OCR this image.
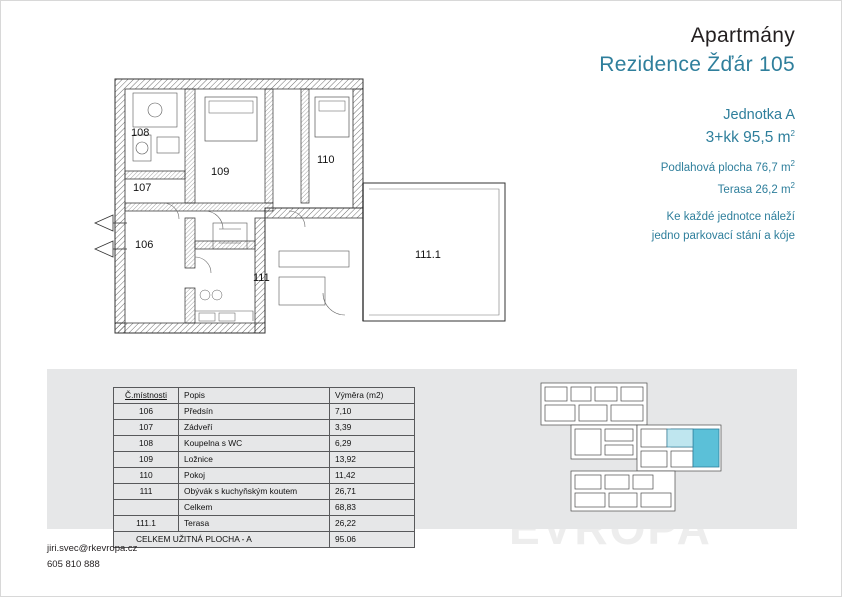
Apartmány
Rezidence Žďár 105
Jednotka A
3+kk 95,5 $m^2$
Podlahová plocha 76,7 $m^2$
Terasa 26,2 $m^2$
Ke každé jednotce náleží
jedno parkovací stání a kóje
108
107
106
109
110
111
111.1
Č.místnosti	Popis	Výměra (m2)
106	Předsín	7,10
107	Zádveří	3,39
108	Koupelna s WC	6,29
109	Ložnice	13,92
110	Pokoj	11,42
111	Obývák s kuchyňským koutem	26,71
	Celkem	68,83
111.1	Terasa	26,22
CELKEM UŽITNÁ PLOCHA - A		95.06
jiri.svec@rkevropa.cz
605 810 888
